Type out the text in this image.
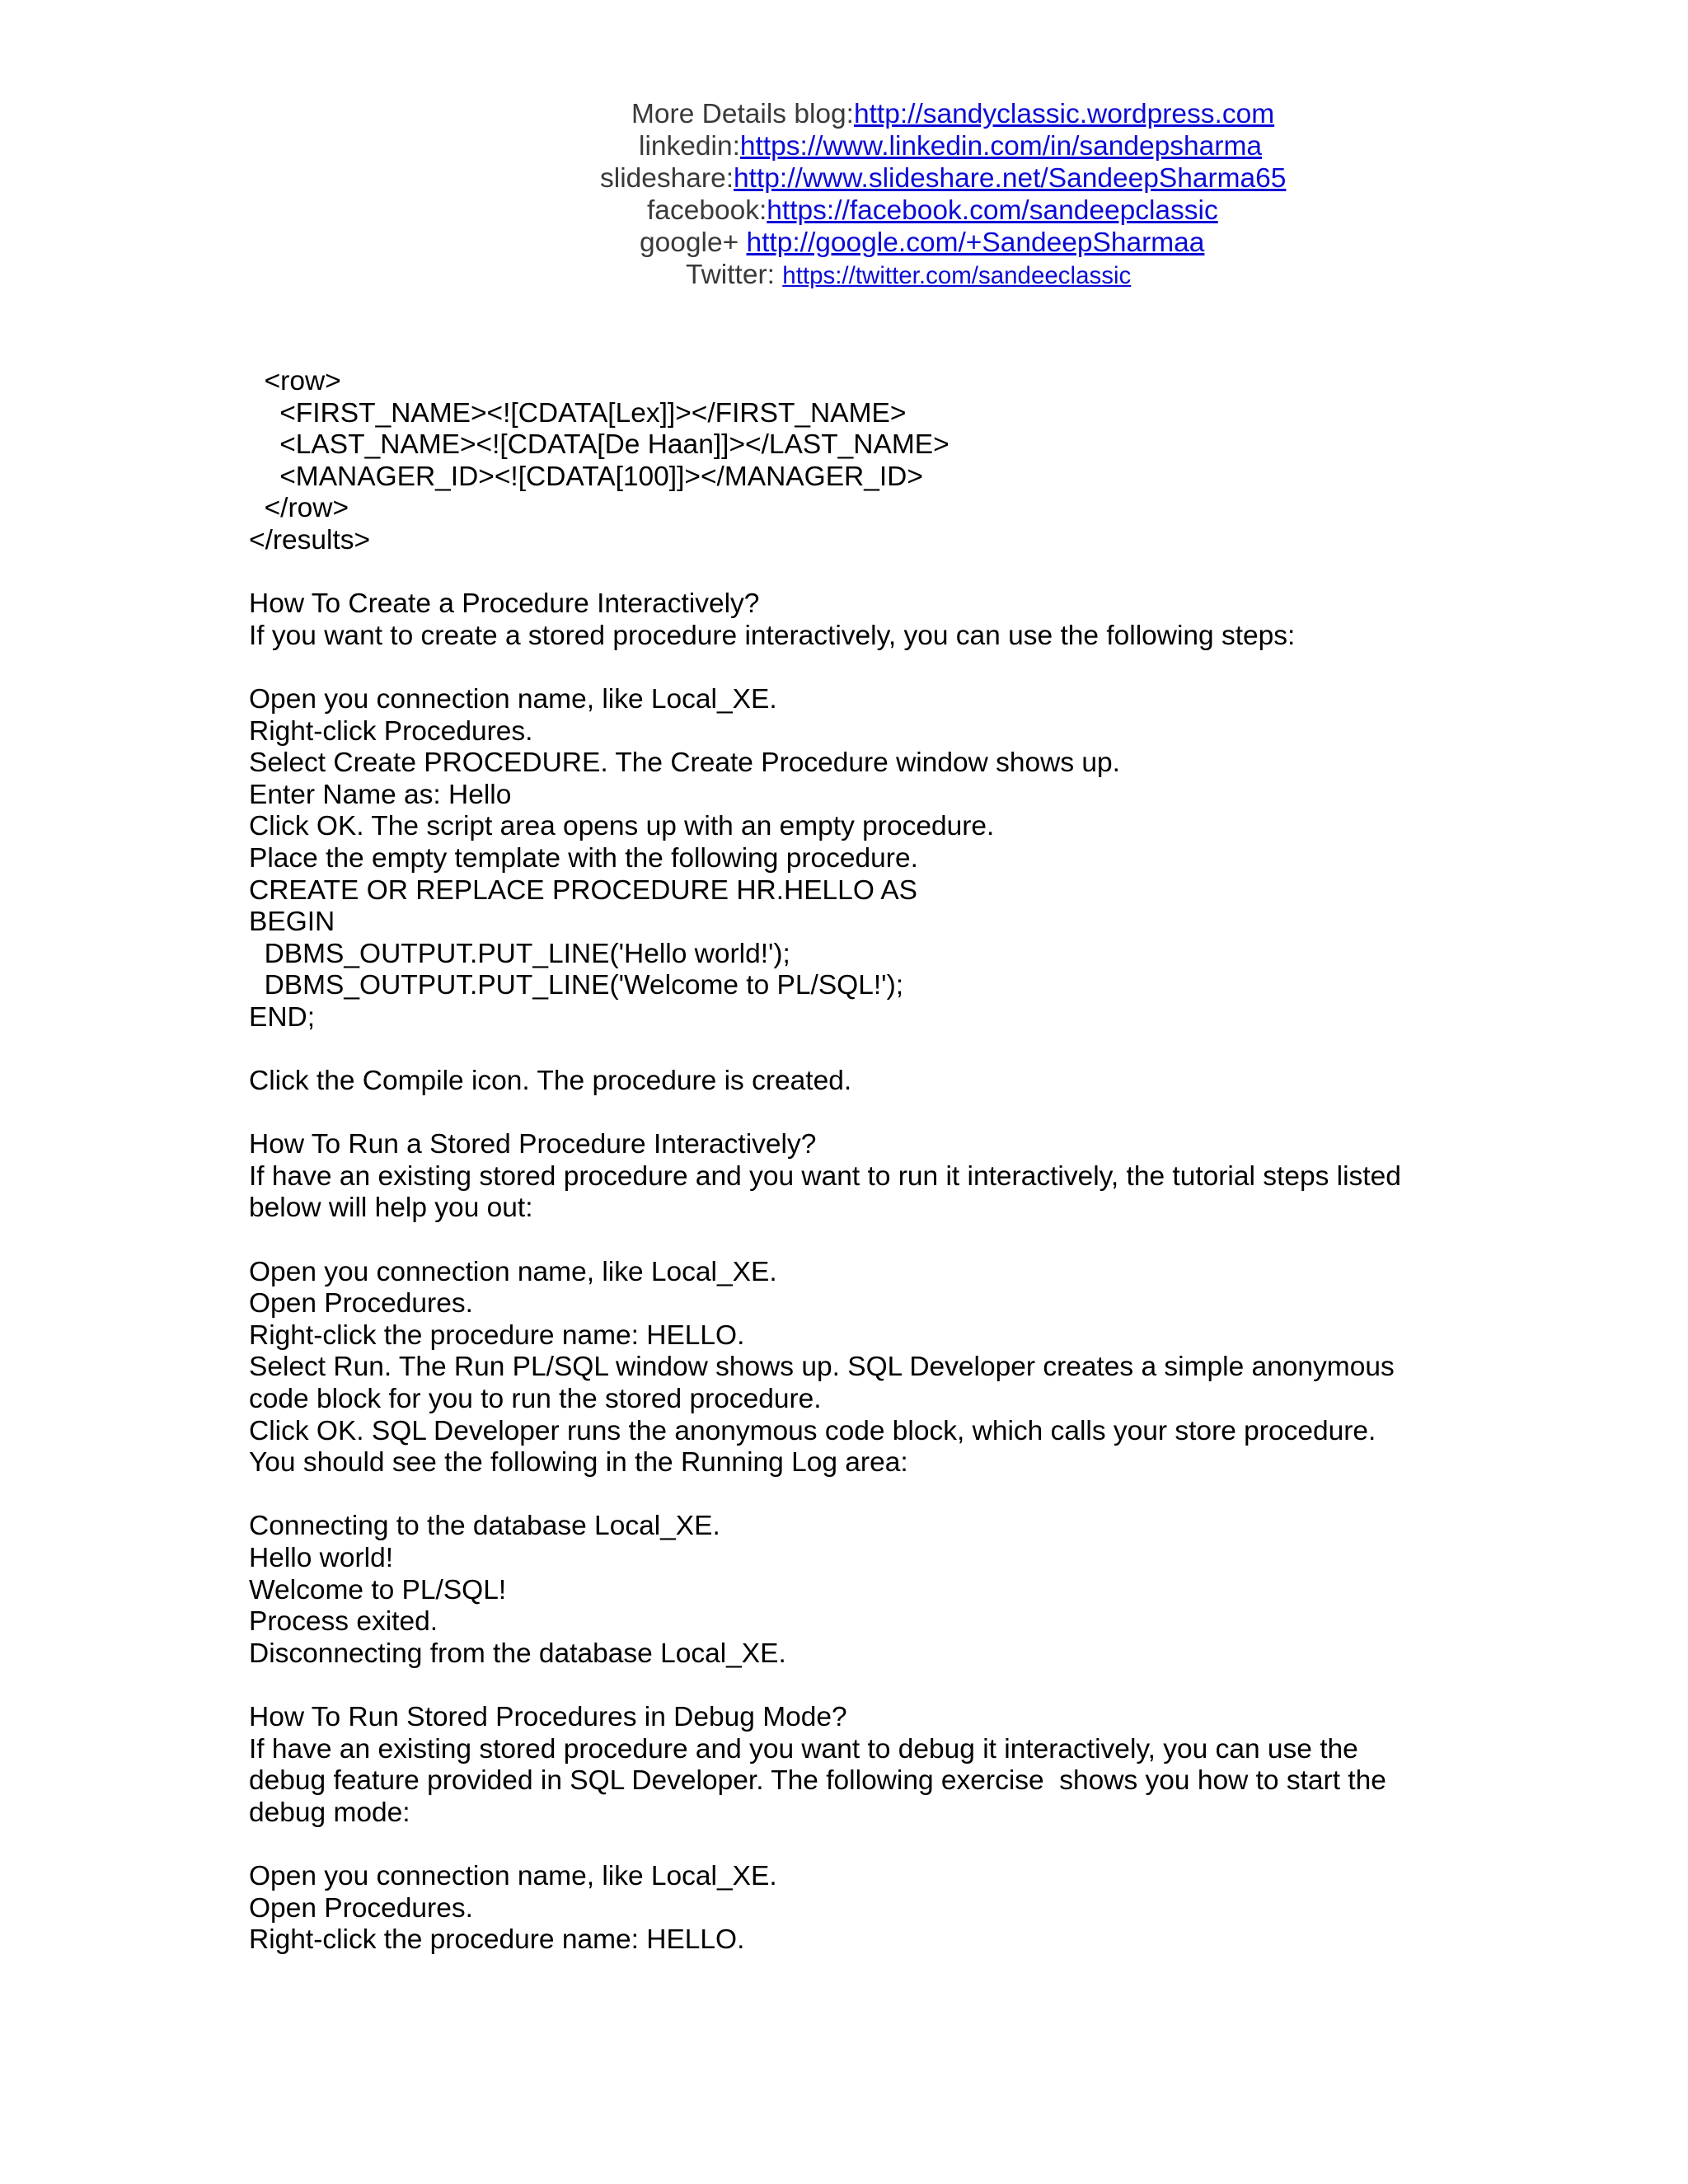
More Details blog:http://sandyclassic.wordpress.com
linkedin:https://www.linkedin.com/in/sandepsharma
slideshare:http://www.slideshare.net/SandeepSharma65
facebook:https://facebook.com/sandeepclassic
google+ http://google.com/+SandeepSharmaa
Twitter: https://twitter.com/sandeeclassic
<row>
<FIRST_NAME><![CDATA[Lex]]></FIRST_NAME>
<LAST_NAME><![CDATA[De Haan]]></LAST_NAME>
<MANAGER_ID><![CDATA[100]]></MANAGER_ID>
</row>
</results>
How To Create a Procedure Interactively?
If you want to create a stored procedure interactively, you can use the following steps:
Open you connection name, like Local_XE.
Right-click Procedures.
Select Create PROCEDURE. The Create Procedure window shows up.
Enter Name as: Hello
Click OK. The script area opens up with an empty procedure.
Place the empty template with the following procedure.
CREATE OR REPLACE PROCEDURE HR.HELLO AS
BEGIN
DBMS_OUTPUT.PUT_LINE('Hello world!');
DBMS_OUTPUT.PUT_LINE('Welcome to PL/SQL!');
END;
Click the Compile icon. The procedure is created.
How To Run a Stored Procedure Interactively?
If have an existing stored procedure and you want to run it interactively, the tutorial steps listed
below will help you out:
Open you connection name, like Local_XE.
Open Procedures.
Right-click the procedure name: HELLO.
Select Run. The Run PL/SQL window shows up. SQL Developer creates a simple anonymous
code block for you to run the stored procedure.
Click OK. SQL Developer runs the anonymous code block, which calls your store procedure.
You should see the following in the Running Log area:
Connecting to the database Local_XE.
Hello world!
Welcome to PL/SQL!
Process exited.
Disconnecting from the database Local_XE.
How To Run Stored Procedures in Debug Mode?
If have an existing stored procedure and you want to debug it interactively, you can use the
debug feature provided in SQL Developer. The following exercise  shows you how to start the
debug mode:
Open you connection name, like Local_XE.
Open Procedures.
Right-click the procedure name: HELLO.
